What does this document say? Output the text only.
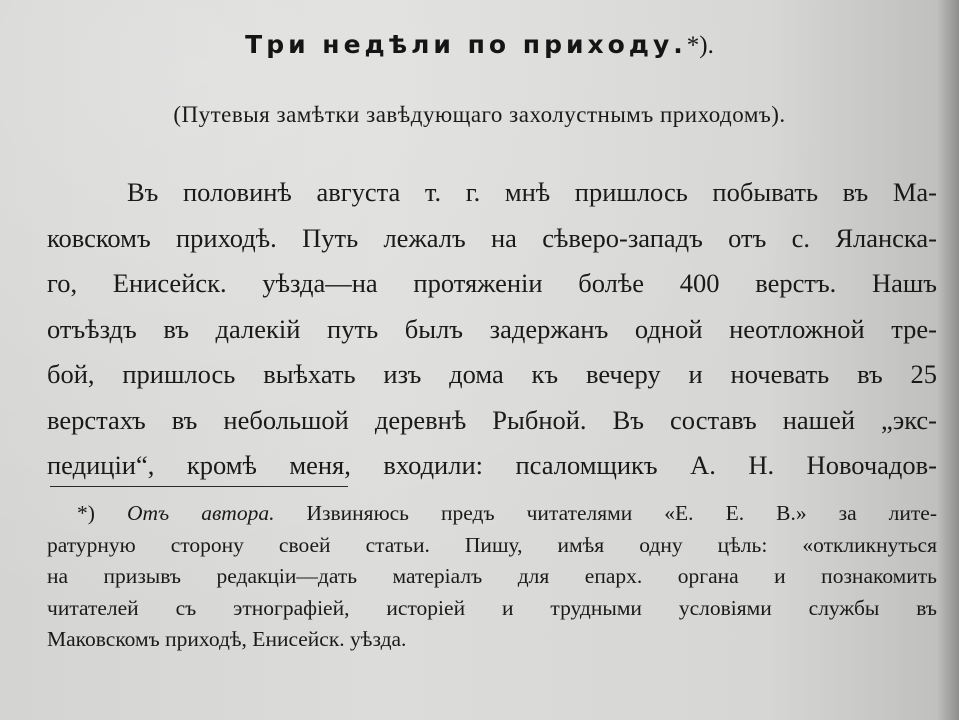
Три недѣли по приходу.*).
(Путевыя замѣтки завѣдующаго захолустнымъ приходомъ).
Въ половинѣ августа т. г. мнѣ пришлось побывать въ Ма-
ковскомъ приходѣ. Путь лежалъ на сѣверо-западъ отъ с. Яланска-
го, Енисейск. уѣзда—на протяженіи болѣе 400 верстъ. Нашъ
отъѣздъ въ далекій путь былъ задержанъ одной неотложной тре-
бой, пришлось выѣхать изъ дома къ вечеру и ночевать въ 25
верстахъ въ небольшой деревнѣ Рыбной. Въ составъ нашей „экс-
педиціи“, кромѣ меня, входили: псаломщикъ А. Н. Новочадов-
*) Отъ автора. Извиняюсь предъ читателями «Е. Е. В.» за лите-
ратурную сторону своей статьи. Пишу, имѣя одну цѣль: «откликнуться
на призывъ редакціи—дать матеріалъ для епарх. органа и познакомить
читателей съ этнографіей, исторіей и трудными условіями службы въ
Маковскомъ приходѣ, Енисейск. уѣзда.
